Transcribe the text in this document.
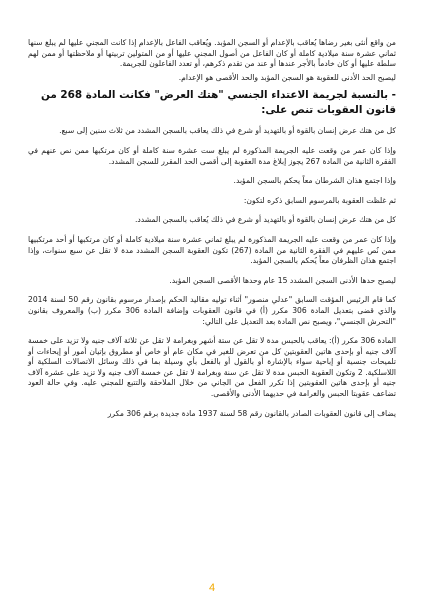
من واقع أنثى بغير رضاها يُعاقب بالإعدام أو السجن المؤبد. ويُعاقب الفاعل بالإعدام إذا كانت المجني عليها لم يبلغ سنها ثماني عشرة سنة ميلادية كاملة أو كان الفاعل من أصول المجني عليها أو من المتولين تربيتها أو ملاحظتها أو ممن لهم سلطة عليها أو كان خادماً بالأجر عندها أو عند من تقدم ذكرهم، أو تعدد الفاعلون للجريمة.

ليصبح الحد الأدنى للعقوبة هو السجن المؤبد والحد الأقصى هو الإعدام.

- بالنسبة لجريمة الاعتداء الجنسي "هتك العرض" فكانت المادة 268 من قانون العقوبات تنص على:

كل من هتك عرض إنسان بالقوة أو بالتهديد أو شرع في ذلك يعاقب بالسجن المشدد من ثلاث سنين إلى سبع.

وإذا كان عمر من وقعت عليه الجريمة المذكورة لم يبلغ ست عشرة سنة كاملة أو كان مرتكبها ممن نص عنهم في الفقرة الثانية من المادة 267 يجوز إبلاغ مدة العقوبة إلى أقصى الحد المقرر للسجن المشدد.

وإذا اجتمع هذان الشرطان معاً يحكم بالسجن المؤبد.

ثم غلظت العقوبة بالمرسوم السابق ذكره لتكون:

كل من هتك عرض إنسان بالقوة أو بالتهديد أو شرع في ذلك يُعاقب بالسجن المشدد.

وإذا كان عمر من وقعت عليه الجريمة المذكورة لم يبلغ ثماني عشرة سنة ميلادية كاملة أو كان مرتكبها أو أحد مرتكبيها ممن نُص عليهم في الفقرة الثانية من المادة (267) تكون العقوبة السجن المشدد مدة لا تقل عن سبع سنوات، وإذا اجتمع هذان الظرفان معاً يُحكم بالسجن المؤبد.

ليصبح حدها الأدنى السجن المشدد 15 عام وحدها الأقصى السجن المؤبد.

كما قام الرئيس المؤقت السابق "عدلي منصور" أثناء توليه مقاليد الحكم بإصدار مرسوم بقانون رقم 50 لسنة 2014 والذي قضى بتعديل المادة 306 مكرر (أ) في قانون العقوبات وإضافة المادة 306 مكرر (ب) والمعروف بقانون "التحرش الجنسي"، ويصبح نص المادة بعد التعديل على التالي:

المادة 306 مكرر (أ): يعاقب بالحبس مدة لا تقل عن ستة أشهر وبغرامة لا تقل عن ثلاثة آلاف جنيه ولا تزيد على خمسة آلاف جنيه أو بإحدى هاتين العقوبتين كل من تعرض للغير في مكان عام أو خاص أو مطروق بإتيان أمور أو إيحاءات أو تلميحات جنسية أو إباحية سواء بالإشارة أو بالقول أو بالفعل بأي وسيلة بما في ذلك وسائل الاتصالات السلكية أو اللاسلكية. 2 وتكون العقوبة الحبس مدة لا تقل عن سنة وبغرامة لا تقل عن خمسة آلاف جنيه ولا تزيد على عشرة آلاف جنيه أو بإحدى هاتين العقوبتين إذا تكرر الفعل من الجاني من خلال الملاحقة والتتبع للمجني عليه. وفي حالة العود تضاعف عقوبتا الحبس والغرامة في حديهما الأدنى والأقصى.

يضاف إلى قانون العقوبات الصادر بالقانون رقم 58 لسنة 1937 مادة جديدة برقم 306 مكرر

4
